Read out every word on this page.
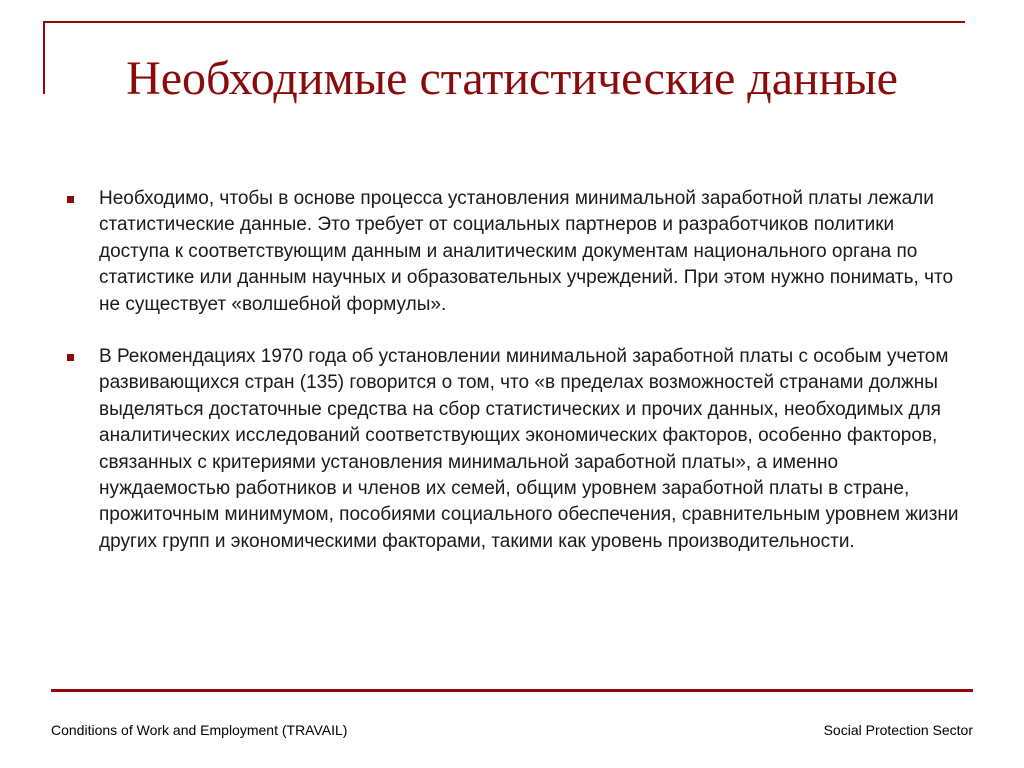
Необходимые статистические данные
Необходимо, чтобы в основе процесса установления минимальной заработной платы лежали статистические данные. Это требует от социальных партнеров и разработчиков политики доступа к соответствующим данным и аналитическим документам национального органа по статистике или данным научных и образовательных учреждений. При этом нужно понимать, что не существует «волшебной формулы».
В Рекомендациях 1970 года об установлении минимальной заработной платы с особым учетом развивающихся стран (135) говорится о том, что «в пределах возможностей странами должны выделяться достаточные средства на сбор статистических и прочих данных, необходимых для аналитических исследований соответствующих экономических факторов, особенно факторов, связанных с критериями установления минимальной заработной платы», а именно нуждаемостью работников и членов их семей, общим уровнем заработной платы в стране, прожиточным минимумом, пособиями социального обеспечения, сравнительным уровнем жизни других групп и экономическими факторами, такими как уровень производительности.
Conditions of Work and Employment (TRAVAIL)	Social Protection Sector
